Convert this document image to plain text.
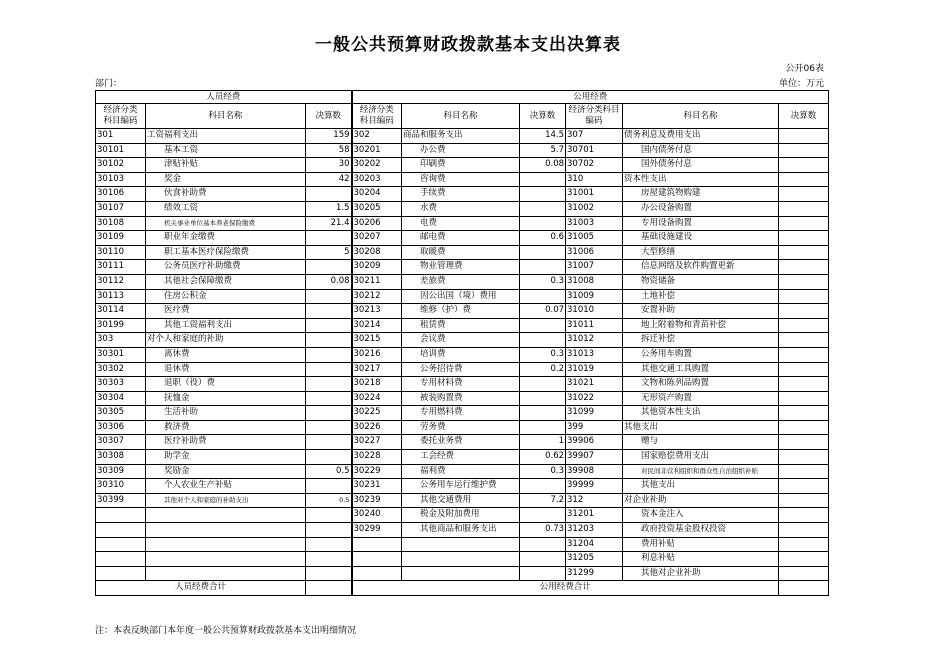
一般公共预算财政拨款基本支出决算表
公开06表
部门：	单位：万元
人员经费			公用经费					
经济分类
科目编码	科目名称	决算数	经济分类
科目编码	科目名称	决算数	经济分类科目编码	科目名称	决算数
301	工资福利支出	159	302	商品和服务支出	14.5	307	债务利息及费用支出	
30101	基本工资	58	30201	办公费	5.7	30701	国内债务付息	
30102	津贴补贴	30	30202	印刷费	0.08	30702	国外债务付息	
30103	奖金	42	30203	咨询费		310	资本性支出	
30106	伙食补助费		30204	手续费		31001	房屋建筑物购建	
30107	绩效工资	1.5	30205	水费		31002	办公设备购置	
30108	机关事业单位基本养老保险缴费	21.4	30206	电费		31003	专用设备购置	
30109	职业年金缴费		30207	邮电费	0.6	31005	基础设施建设	
30110	职工基本医疗保险缴费	5	30208	取暖费		31006	大型修缮	
30111	公务员医疗补助缴费		30209	物业管理费		31007	信息网络及软件购置更新	
30112	其他社会保障缴费	0.08	30211	差旅费	0.3	31008	物资储备	
30113	住房公积金		30212	因公出国（境）费用		31009	土地补偿	
30114	医疗费		30213	维修（护）费	0.07	31010	安置补助	
30199	其他工资福利支出		30214	租赁费		31011	地上附着物和青苗补偿	
303	对个人和家庭的补助		30215	会议费		31012	拆迁补偿	
30301	离休费		30216	培训费	0.3	31013	公务用车购置	
30302	退休费		30217	公务招待费	0.2	31019	其他交通工具购置	
30303	退职（役）费		30218	专用材料费		31021	文物和陈列品购置	
30304	抚恤金		30224	被装购置费		31022	无形资产购置	
30305	生活补助		30225	专用燃料费		31099	其他资本性支出	
30306	救济费		30226	劳务费		399	其他支出	
30307	医疗补助费		30227	委托业务费	1	39906	赠与	
30308	助学金		30228	工会经费	0.62	39907	国家赔偿费用支出	
30309	奖励金	0.5	30229	福利费	0.3	39908	对民间非营利组织和群众性自治组织补贴	
30310	个人农业生产补贴		30231	公务用车运行维护费		39999	其他支出	
30399	其他对个人和家庭的补助支出	0.5	30239	其他交通费用	7.2	312	对企业补助	
			30240	税金及附加费用		31201	资本金注入	
			30299	其他商品和服务支出	0.73	31203	政府投资基金股权投资	
						31204	费用补贴	
						31205	利息补贴	
						31299	其他对企业补助	
人员经费合计			公用经费合计					
注：本表反映部门本年度一般公共预算财政拨款基本支出明细情况
